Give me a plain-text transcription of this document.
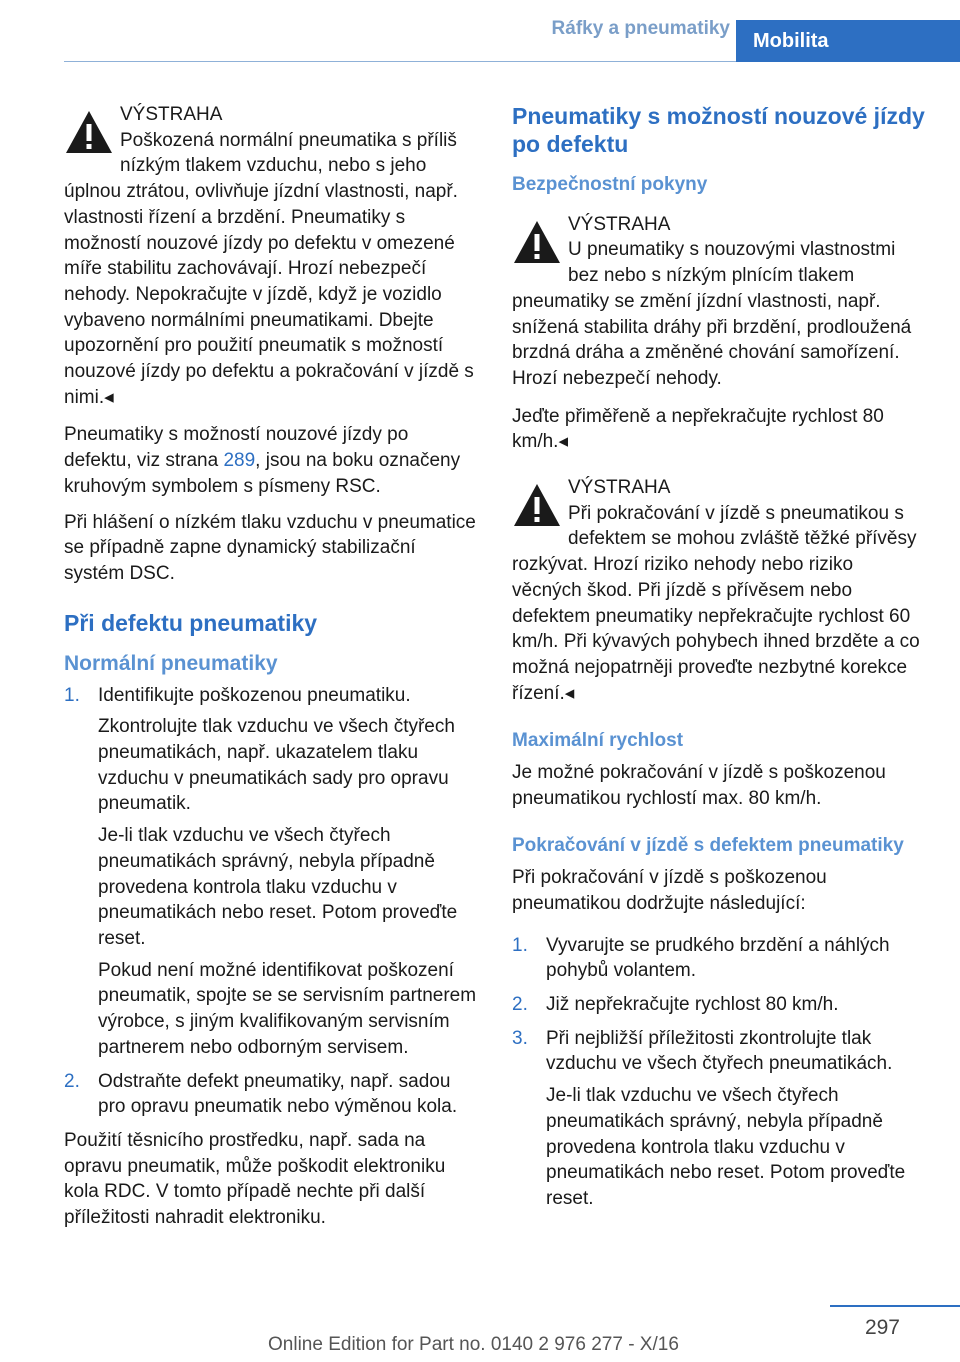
Ráfky a pneumatiky
Mobilita
VÝSTRAHA
Poškozená normální pneumatika s příliš nízkým tlakem vzduchu, nebo s jeho úplnou ztrátou, ovlivňuje jízdní vlastnosti, např. vlastnosti řízení a brzdění. Pneumatiky s možností nouzové jízdy po defektu v omezené míře stabilitu zachovávají. Hrozí nebezpečí nehody. Nepokračujte v jízdě, když je vozidlo vybaveno normálními pneumatikami. Dbejte upozornění pro použití pneumatik s možností nouzové jízdy po defektu a pokračování v jízdě s nimi.◂

Pneumatiky s možností nouzové jízdy po defektu, viz strana 289, jsou na boku označeny kruhovým symbolem s písmeny RSC.

Při hlášení o nízkém tlaku vzduchu v pneumatice se případně zapne dynamický stabilizační systém DSC.

Při defektu pneumatiky
Normální pneumatiky
1. Identifikujte poškozenou pneumatiku.

Zkontrolujte tlak vzduchu ve všech čtyřech pneumatikách, např. ukazatelem tlaku vzduchu v pneumatikách sady pro opravu pneumatik.

Je-li tlak vzduchu ve všech čtyřech pneumatikách správný, nebyla případně provedena kontrola tlaku vzduchu v pneumatikách nebo reset. Potom proveďte reset.

Pokud není možné identifikovat poškození pneumatik, spojte se se servisním partnerem výrobce, s jiným kvalifikovaným servisním partnerem nebo odborným servisem.

2. Odstraňte defekt pneumatiky, např. sadou pro opravu pneumatik nebo výměnou kola.

Použití těsnicího prostředku, např. sada na opravu pneumatik, může poškodit elektroniku kola RDC. V tomto případě nechte při další příležitosti nahradit elektroniku.

Pneumatiky s možností nouzové jízdy po defektu
Bezpečnostní pokyny
VÝSTRAHA
U pneumatiky s nouzovými vlastnostmi bez nebo s nízkým plnícím tlakem pneumatiky se změní jízdní vlastnosti, např. snížená stabilita dráhy při brzdění, prodloužená brzdná dráha a změněné chování samořízení. Hrozí nebezpečí nehody.

Jeďte přiměřeně a nepřekračujte rychlost 80 km/h.◂

VÝSTRAHA
Při pokračování v jízdě s pneumatikou s defektem se mohou zvláště těžké přívěsy rozkývat. Hrozí riziko nehody nebo riziko věcných škod. Při jízdě s přívěsem nebo defektem pneumatiky nepřekračujte rychlost 60 km/h. Při kývavých pohybech ihned brzděte a co možná nejopatrněji proveďte nezbytné korekce řízení.◂
Maximální rychlost

Je možné pokračování v jízdě s poškozenou pneumatikou rychlostí max. 80 km/h.

Pokračování v jízdě s defektem pneumatiky

Při pokračování v jízdě s poškozenou pneumatikou dodržujte následující:

1. Vyvarujte se prudkého brzdění a náhlých pohybů volantem.

2. Již nepřekračujte rychlost 80 km/h.

3. Při nejbližší příležitosti zkontrolujte tlak vzduchu ve všech čtyřech pneumatikách.

Je-li tlak vzduchu ve všech čtyřech pneumatikách správný, nebyla případně provedena kontrola tlaku vzduchu v pneumatikách nebo reset. Potom proveďte reset.

297
Online Edition for Part no. 0140 2 976 277 - X/16
